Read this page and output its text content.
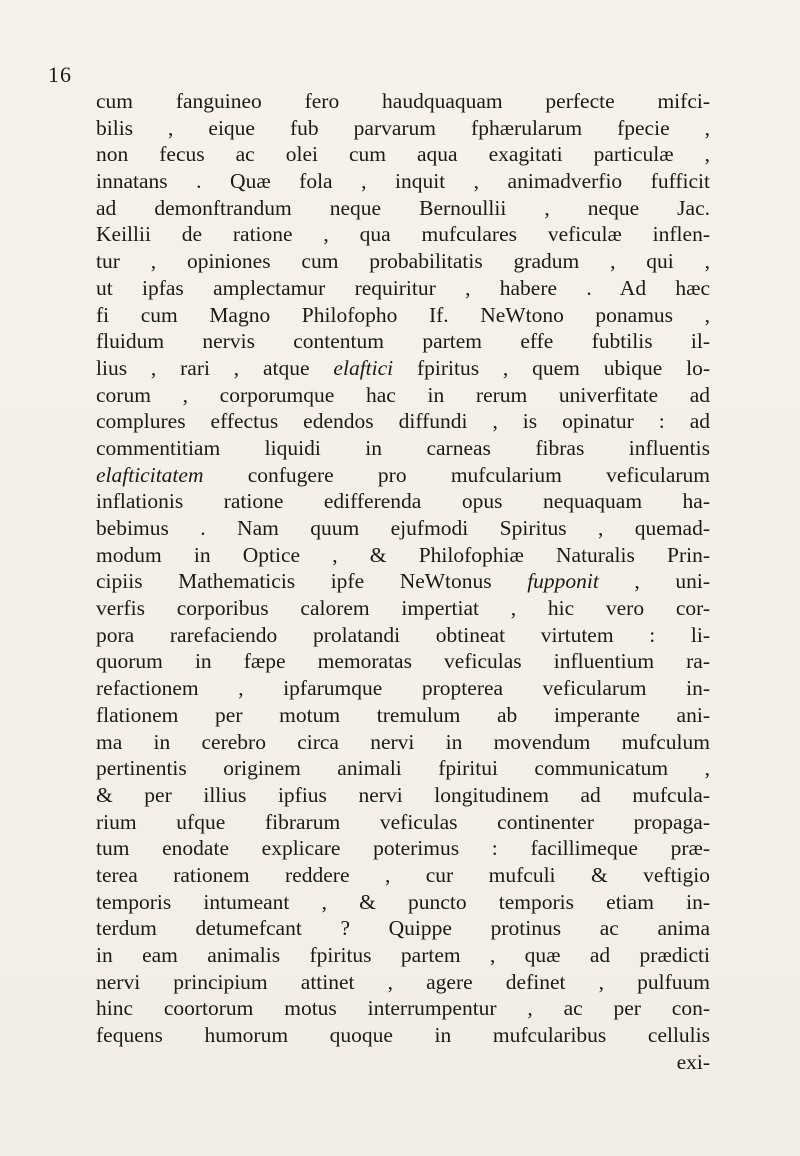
16
cum fanguineo fero haudquaquam perfecte mifci-
bilis , eique fub parvarum fphærularum fpecie ,
non fecus ac olei cum aqua exagitati particulæ ,
innatans . Quæ fola , inquit , animadverfio fufficit
ad demonftrandum neque Bernoullii , neque Jac.
Keillii de ratione , qua mufculares veficulæ inflen-
tur , opiniones cum probabilitatis gradum , qui ,
ut ipfas amplectamur requiritur , habere . Ad hæc
fi cum Magno Philofopho If. NeWtono ponamus ,
fluidum nervis contentum partem effe fubtilis il-
lius , rari , atque elaftici fpiritus , quem ubique lo-
corum , corporumque hac in rerum univerfitate ad
complures effectus edendos diffundi , is opinatur : ad
commentitiam liquidi in carneas fibras influentis
elafticitatem confugere pro mufcularium veficularum
inflationis ratione edifferenda opus nequaquam ha-
bebimus . Nam quum ejufmodi Spiritus , quemad-
modum in Optice , & Philofophiæ Naturalis Prin-
cipiis Mathematicis ipfe NeWtonus fupponit , uni-
verfis corporibus calorem impertiat , hic vero cor-
pora rarefaciendo prolatandi obtineat virtutem : li-
quorum in fæpe memoratas veficulas influentium ra-
refactionem , ipfarumque propterea veficularum in-
flationem per motum tremulum ab imperante ani-
ma in cerebro circa nervi in movendum mufculum
pertinentis originem animali fpiritui communicatum ,
& per illius ipfius nervi longitudinem ad mufcula-
rium ufque fibrarum veficulas continenter propaga-
tum enodate explicare poterimus : facillimeque præ-
terea rationem reddere , cur mufculi & veftigio
temporis intumeant , & puncto temporis etiam in-
terdum detumefcant ? Quippe protinus ac anima
in eam animalis fpiritus partem , quæ ad prædicti
nervi principium attinet , agere definet , pulfuum
hinc coortorum motus interrumpentur , ac per con-
fequens humorum quoque in mufcularibus cellulis
exi-
